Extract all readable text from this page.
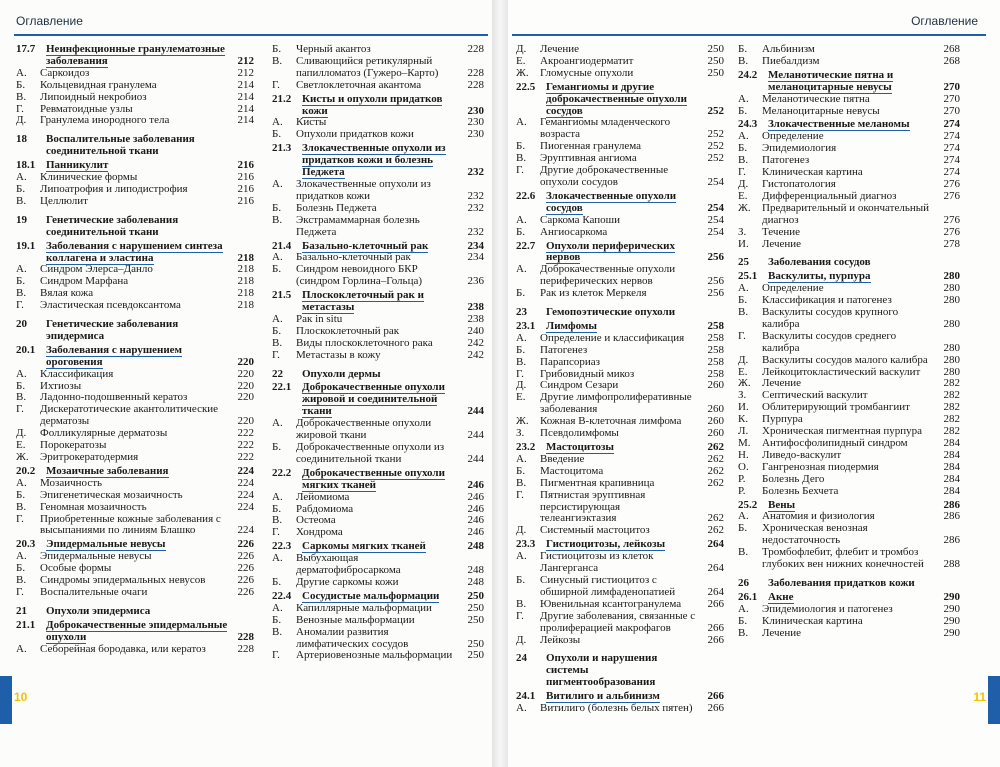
Оглавление
17.7 Неинфекционные гранулематозные заболевания	212
А. Саркоидоз	212
Б. Кольцевидная гранулема	214
В. Липоидный некробиоз	214
Г. Ревматоидные узлы	214
Д. Гранулема инородного тела	214
18 Воспалительные заболевания соединительной ткани
18.1 Панникулит	216
А. Клинические формы	216
Б. Липоатрофия и липодистрофия	216
В. Целлюлит	216
19 Генетические заболевания соединительной ткани
19.1 Заболевания с нарушением синтеза коллагена и эластина	218
А. Синдром Элерса–Данло	218
Б. Синдром Марфана	218
В. Вялая кожа	218
Г. Эластическая псевдоксантома	218
20 Генетические заболевания эпидермиса
20.1 Заболевания с нарушением ороговения	220
А. Классификация	220
Б. Ихтиозы	220
В. Ладонно-подошвенный кератоз	220
Г. Дискератотические акантолитические дерматозы	220
Д. Фолликулярные дерматозы	222
Е. Порокератозы	222
Ж. Эритрокератодермия	222
20.2 Мозаичные заболевания	224
А. Мозаичность	224
Б. Эпигенетическая мозаичность	224
В. Геномная мозаичность	224
Г. Приобретенные кожные заболевания с высыпаниями по линиям Блашко	224
20.3 Эпидермальные невусы	226
А. Эпидермальные невусы	226
Б. Особые формы	226
В. Синдромы эпидермальных невусов	226
Г. Воспалительные очаги	226
21 Опухоли эпидермиса
21.1 Доброкачественные эпидермальные опухоли	228
А. Себорейная бородавка, или кератоз	228
Б. Черный акантоз	228
В. Сливающийся ретикулярный папилломатоз (Гужеро–Карто)	228
Г. Светлоклеточная акантома	228
21.2 Кисты и опухоли придатков кожи	230
А. Кисты	230
Б. Опухоли придатков кожи	230
21.3 Злокачественные опухоли из придатков кожи и болезнь Педжета	232
А. Злокачественные опухоли из придатков кожи	232
Б. Болезнь Педжета	232
В. Экстрамаммарная болезнь Педжета	232
21.4 Базально-клеточный рак	234
А. Базально-клеточный рак	234
Б. Синдром невоидного БКР (синдром Горлина–Гольца)	236
21.5 Плоскоклеточный рак и метастазы	238
А. Рак in situ	238
Б. Плоскоклеточный рак	240
В. Виды плоскоклеточного рака	242
Г. Метастазы в кожу	242
22 Опухоли дермы
22.1 Доброкачественные опухоли жировой и соединительной ткани	244
А. Доброкачественные опухоли жировой ткани	244
Б. Доброкачественные опухоли из соединительной ткани	244
22.2 Доброкачественные опухоли мягких тканей	246
А. Лейомиома	246
Б. Рабдомиома	246
В. Остеома	246
Г. Хондрома	246
22.3 Саркомы мягких тканей	248
А. Выбухающая дерматофибросаркома	248
Б. Другие саркомы кожи	248
22.4 Сосудистые мальформации	250
А. Капиллярные мальформации	250
Б. Венозные мальформации	250
В. Аномалии развития лимфатических сосудов	250
Г. Артериовенозные мальформации	250
10
Оглавление
Д. Лечение	250
Е. Акроангиодерматит	250
Ж. Гломусные опухоли	250
22.5 Гемангиомы и другие доброкачественные опухоли сосудов	252
А. Гемангиомы младенческого возраста	252
Б. Пиогенная гранулема	252
В. Эруптивная ангиома	252
Г. Другие доброкачественные опухоли сосудов	254
22.6 Злокачественные опухоли сосудов	254
А. Саркома Капоши	254
Б. Ангиосаркома	254
22.7 Опухоли периферических нервов	256
А. Доброкачественные опухоли периферических нервов	256
Б. Рак из клеток Меркеля	256
23 Гемопоэтические опухоли
23.1 Лимфомы	258
А. Определение и классификация	258
Б. Патогенез	258
В. Парапсориаз	258
Г. Грибовидный микоз	258
Д. Синдром Сезари	260
Е. Другие лимфопролиферативные заболевания	260
Ж. Кожная B-клеточная лимфома	260
З. Псевдолимфомы	260
23.2 Мастоцитозы	262
А. Введение	262
Б. Мастоцитома	262
В. Пигментная крапивница	262
Г. Пятнистая эруптивная персистирующая телеангиэктазия	262
Д. Системный мастоцитоз	262
23.3 Гистиоцитозы, лейкозы	264
А. Гистиоцитозы из клеток Лангерганса	264
Б. Синусный гистиоцитоз с обширной лимфаденопатией	264
В. Ювенильная ксантогранулема	266
Г. Другие заболевания, связанные с пролиферацией макрофагов	266
Д. Лейкозы	266
24 Опухоли и нарушения системы пигментообразования
24.1 Витилиго и альбинизм	266
А. Витилиго (болезнь белых пятен)	266
Б. Альбинизм	268
В. Пиебалдизм	268
24.2 Меланотические пятна и меланоцитарные невусы	270
А. Меланотические пятна	270
Б. Меланоцитарные невусы	270
24.3 Злокачественные меланомы	274
А. Определение	274
Б. Эпидемиология	274
В. Патогенез	274
Г. Клиническая картина	274
Д. Гистопатология	276
Е. Дифференциальный диагноз	276
Ж. Предварительный и окончательный диагноз	276
З. Течение	276
И. Лечение	278
25 Заболевания сосудов
25.1 Васкулиты, пурпура	280
А. Определение	280
Б. Классификация и патогенез	280
В. Васкулиты сосудов крупного калибра	280
Г. Васкулиты сосудов среднего калибра	280
Д. Васкулиты сосудов малого калибра	280
Е. Лейкоцитокластический васкулит	280
Ж. Лечение	282
З. Септический васкулит	282
И. Облитерирующий тромбангиит	282
К. Пурпура	282
Л. Хроническая пигментная пурпура	282
М. Антифосфолипидный синдром	284
Н. Ливедо-васкулит	284
О. Гангренозная пиодермия	284
Р. Болезнь Дего	284
Р. Болезнь Бехчета	284
25.2 Вены	286
А. Анатомия и физиология	286
Б. Хроническая венозная недостаточность	286
В. Тромбофлебит, флебит и тромбоз глубоких вен нижних конечностей	288
26 Заболевания придатков кожи
26.1 Акне	290
А. Эпидемиология и патогенез	290
Б. Клиническая картина	290
В. Лечение	290
11
